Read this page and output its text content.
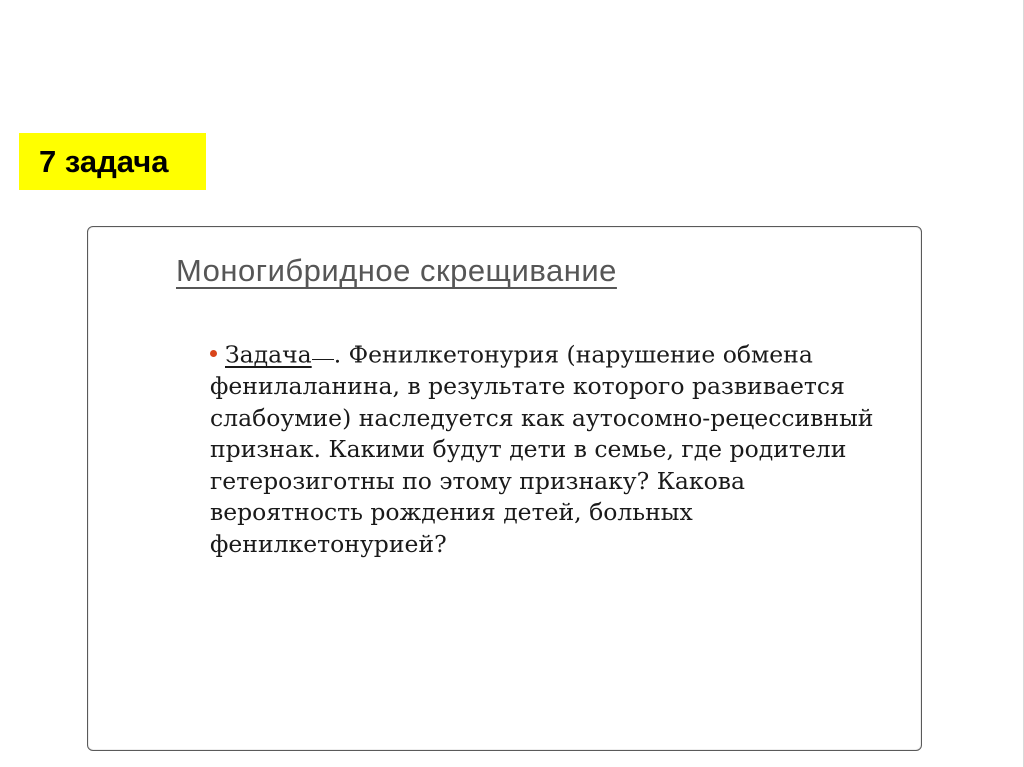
7 задача
Моногибридное скрещивание

Задача . Фенилкетонурия (нарушение обмена фенилаланина, в результате которого развивается слабоумие) наследуется как аутосомно-рецессивный признак. Какими будут дети в семье, где родители гетерозиготны по этому признаку? Какова вероятность рождения детей, больных фенилкетонурией?
